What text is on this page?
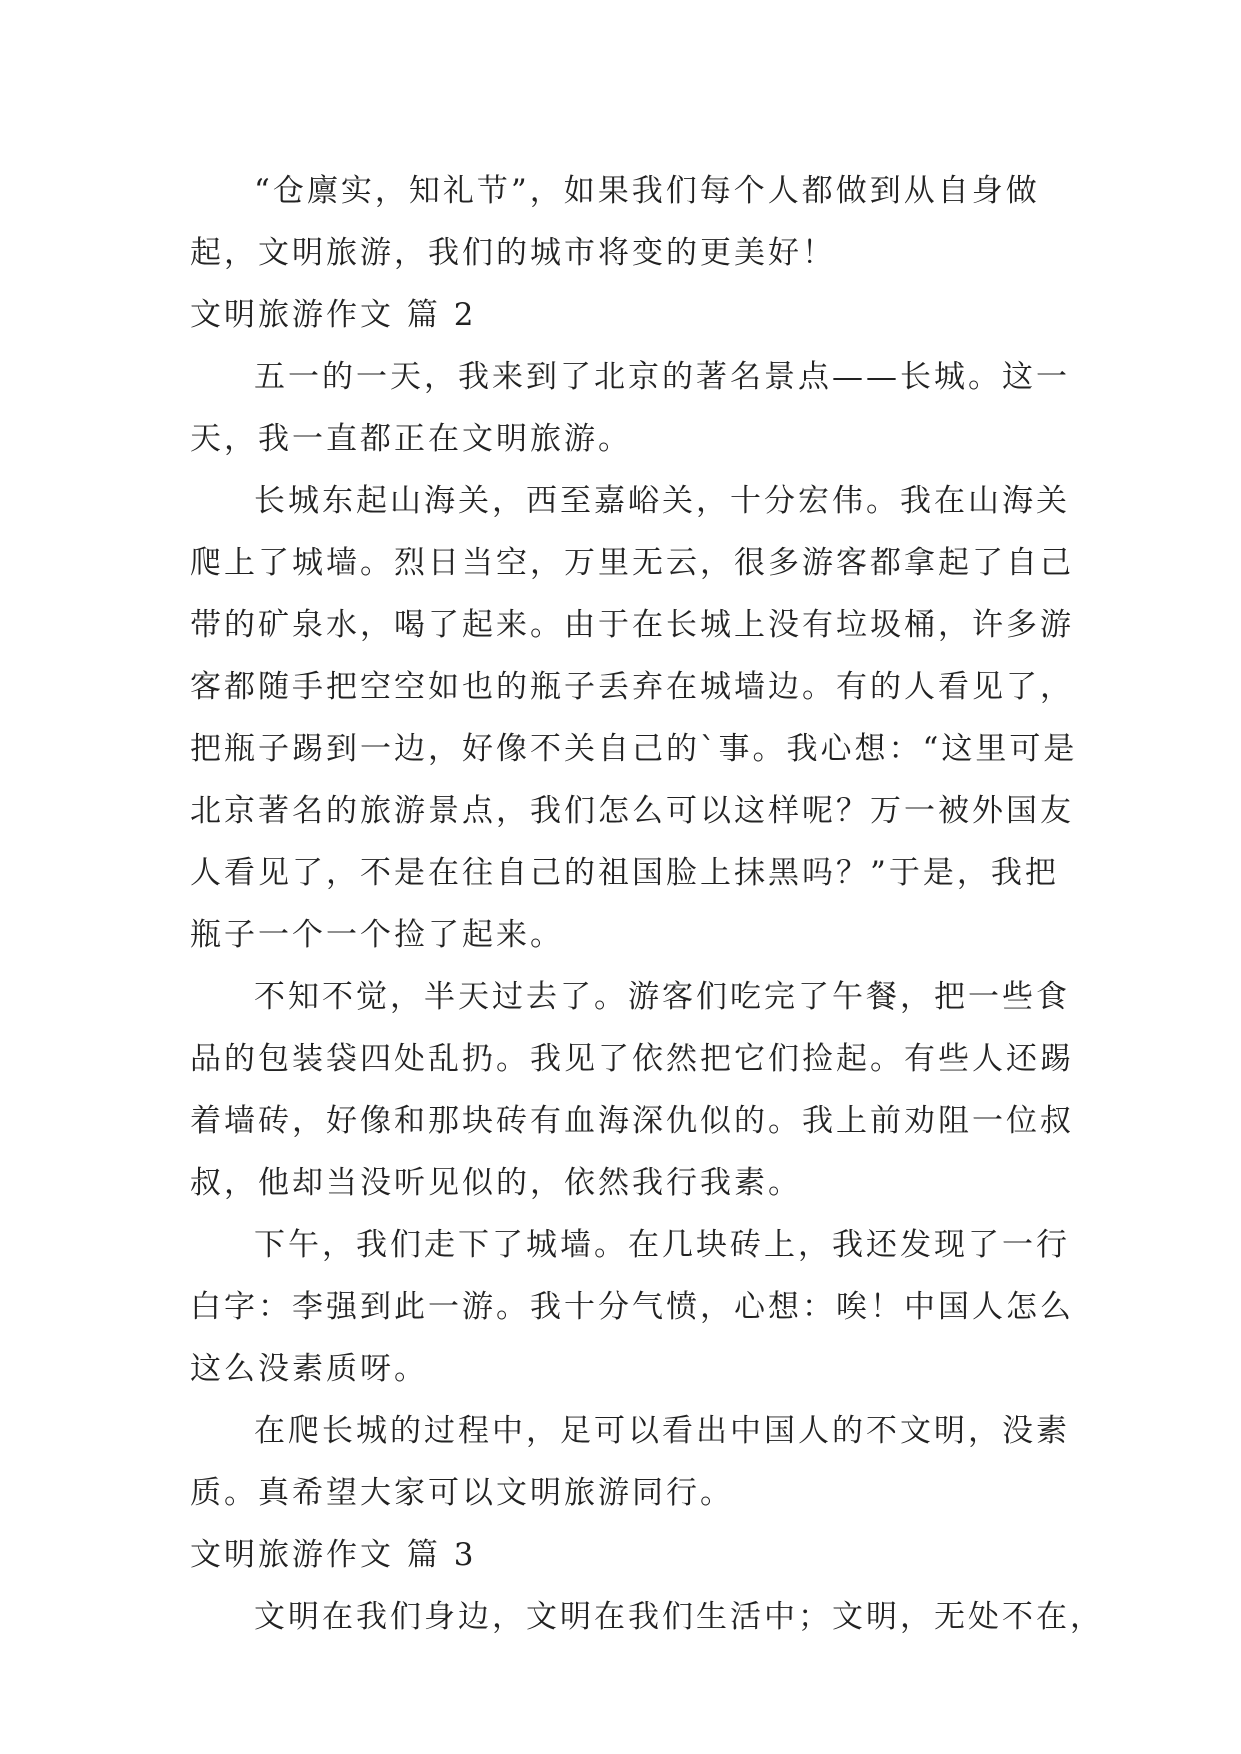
“仓廪实，知礼节”，如果我们每个人都做到从自身做
起，文明旅游，我们的城市将变的更美好！

文明旅游作文 篇 2

五一的一天，我来到了北京的著名景点——长城。这一
天，我一直都正在文明旅游。

长城东起山海关，西至嘉峪关，十分宏伟。我在山海关
爬上了城墙。烈日当空，万里无云，很多游客都拿起了自己
带的矿泉水，喝了起来。由于在长城上没有垃圾桶，许多游
客都随手把空空如也的瓶子丢弃在城墙边。有的人看见了，
把瓶子踢到一边，好像不关自己的`事。我心想：“这里可是
北京著名的旅游景点，我们怎么可以这样呢？万一被外国友
人看见了，不是在往自己的祖国脸上抹黑吗？”于是，我把
瓶子一个一个捡了起来。

不知不觉，半天过去了。游客们吃完了午餐，把一些食
品的包装袋四处乱扔。我见了依然把它们捡起。有些人还踢
着墙砖，好像和那块砖有血海深仇似的。我上前劝阻一位叔
叔，他却当没听见似的，依然我行我素。

下午，我们走下了城墙。在几块砖上，我还发现了一行
白字：李强到此一游。我十分气愤，心想：唉！中国人怎么
这么没素质呀。

在爬长城的过程中，足可以看出中国人的不文明，没素
质。真希望大家可以文明旅游同行。

文明旅游作文 篇 3

文明在我们身边，文明在我们生活中；文明，无处不在，
